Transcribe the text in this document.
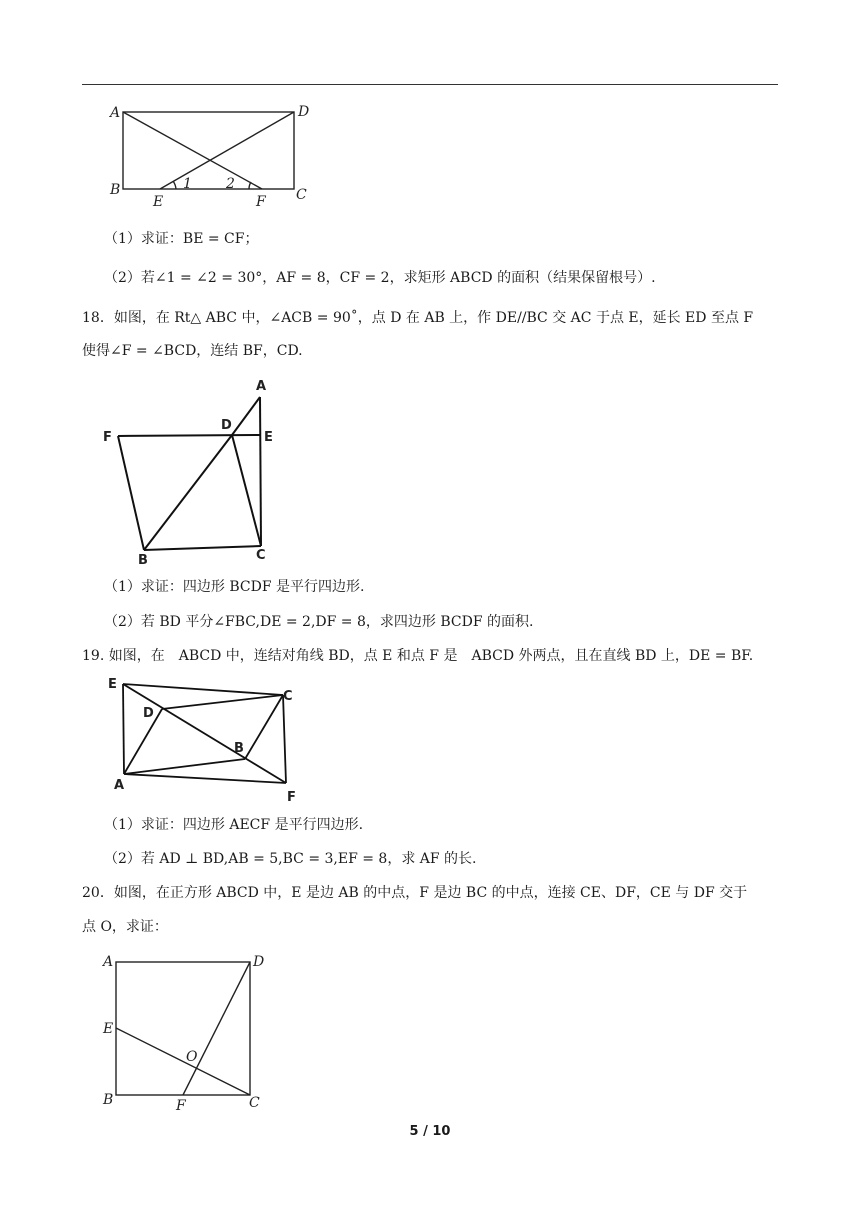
A	D
B	C
E	F
1 2
（1）求证：BE = CF；
（2）若∠1 = ∠2 = 30°，AF = 8，CF = 2，求矩形 ABCD 的面积（结果保留根号）.
18．如图，在 Rt△ ABC 中，∠ACB = 90˚，点 D 在 AB 上，作 DE//BC 交 AC 于点 E，延长 ED 至点 F
使得∠F = ∠BCD，连结 BF，CD.
A
F
D
E
B	C
（1）求证：四边形 BCDF 是平行四边形.
（2）若 BD 平分∠FBC,DE = 2,DF = 8，求四边形 BCDF 的面积.
19. 如图，在　ABCD 中，连结对角线 BD，点 E 和点 F 是　ABCD 外两点，且在直线 BD 上，DE = BF.
E
C
D
B
A
F
（1）求证：四边形 AECF 是平行四边形.
（2）若 AD ⊥ BD,AB = 5,BC = 3,EF = 8，求 AF 的长.
20．如图，在正方形 ABCD 中，E 是边 AB 的中点，F 是边 BC 的中点，连接 CE、DF，CE 与 DF 交于
点 O，求证：
A	D
E
O
B	F	C
5 / 10
